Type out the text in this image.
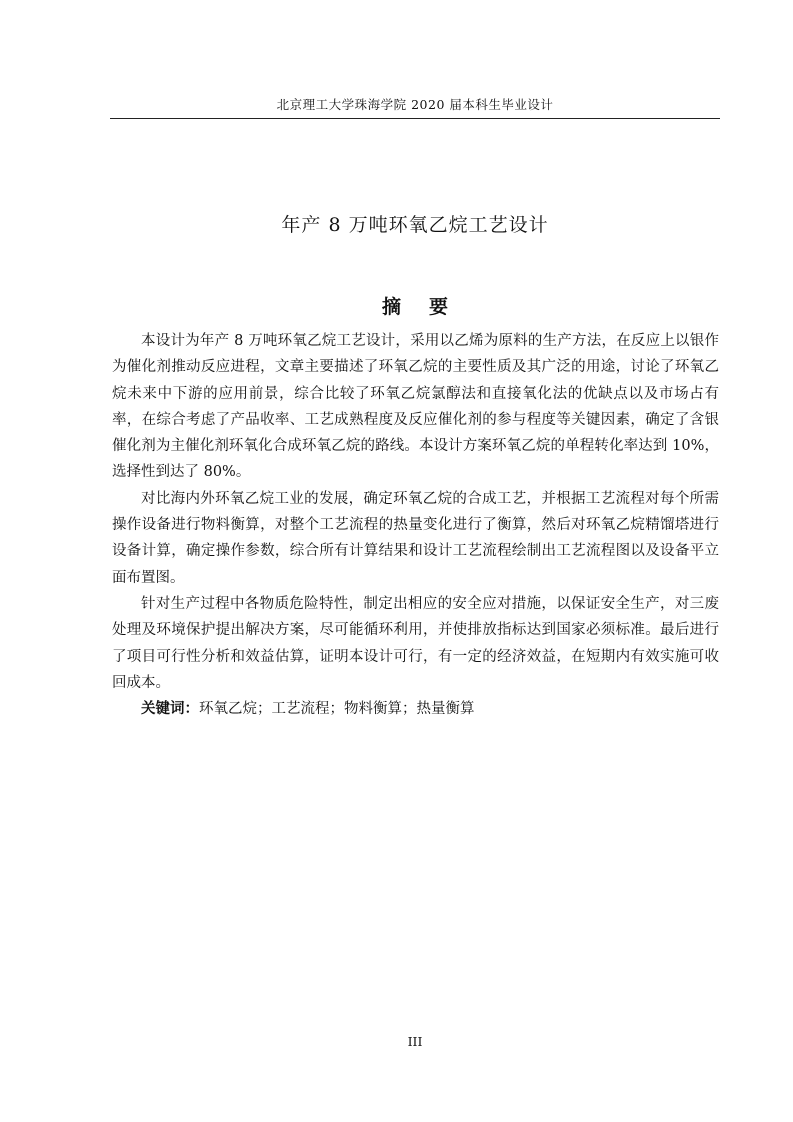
北京理工大学珠海学院 2020 届本科生毕业设计
年产 8 万吨环氧乙烷工艺设计
摘 要

本设计为年产 8 万吨环氧乙烷工艺设计，采用以乙烯为原料的生产方法，在反应上以银作为催化剂推动反应进程，文章主要描述了环氧乙烷的主要性质及其广泛的用途，讨论了环氧乙烷未来中下游的应用前景，综合比较了环氧乙烷氯醇法和直接氧化法的优缺点以及市场占有率，在综合考虑了产品收率、工艺成熟程度及反应催化剂的参与程度等关键因素，确定了含银催化剂为主催化剂环氧化合成环氧乙烷的路线。本设计方案环氧乙烷的单程转化率达到 10%，选择性到达了 80%。

对比海内外环氧乙烷工业的发展，确定环氧乙烷的合成工艺，并根据工艺流程对每个所需操作设备进行物料衡算，对整个工艺流程的热量变化进行了衡算，然后对环氧乙烷精馏塔进行设备计算，确定操作参数，综合所有计算结果和设计工艺流程绘制出工艺流程图以及设备平立面布置图。

针对生产过程中各物质危险特性，制定出相应的安全应对措施，以保证安全生产，对三废处理及环境保护提出解决方案，尽可能循环利用，并使排放指标达到国家必须标准。最后进行了项目可行性分析和效益估算，证明本设计可行，有一定的经济效益，在短期内有效实施可收回成本。

关键词：环氧乙烷；工艺流程；物料衡算；热量衡算

III
